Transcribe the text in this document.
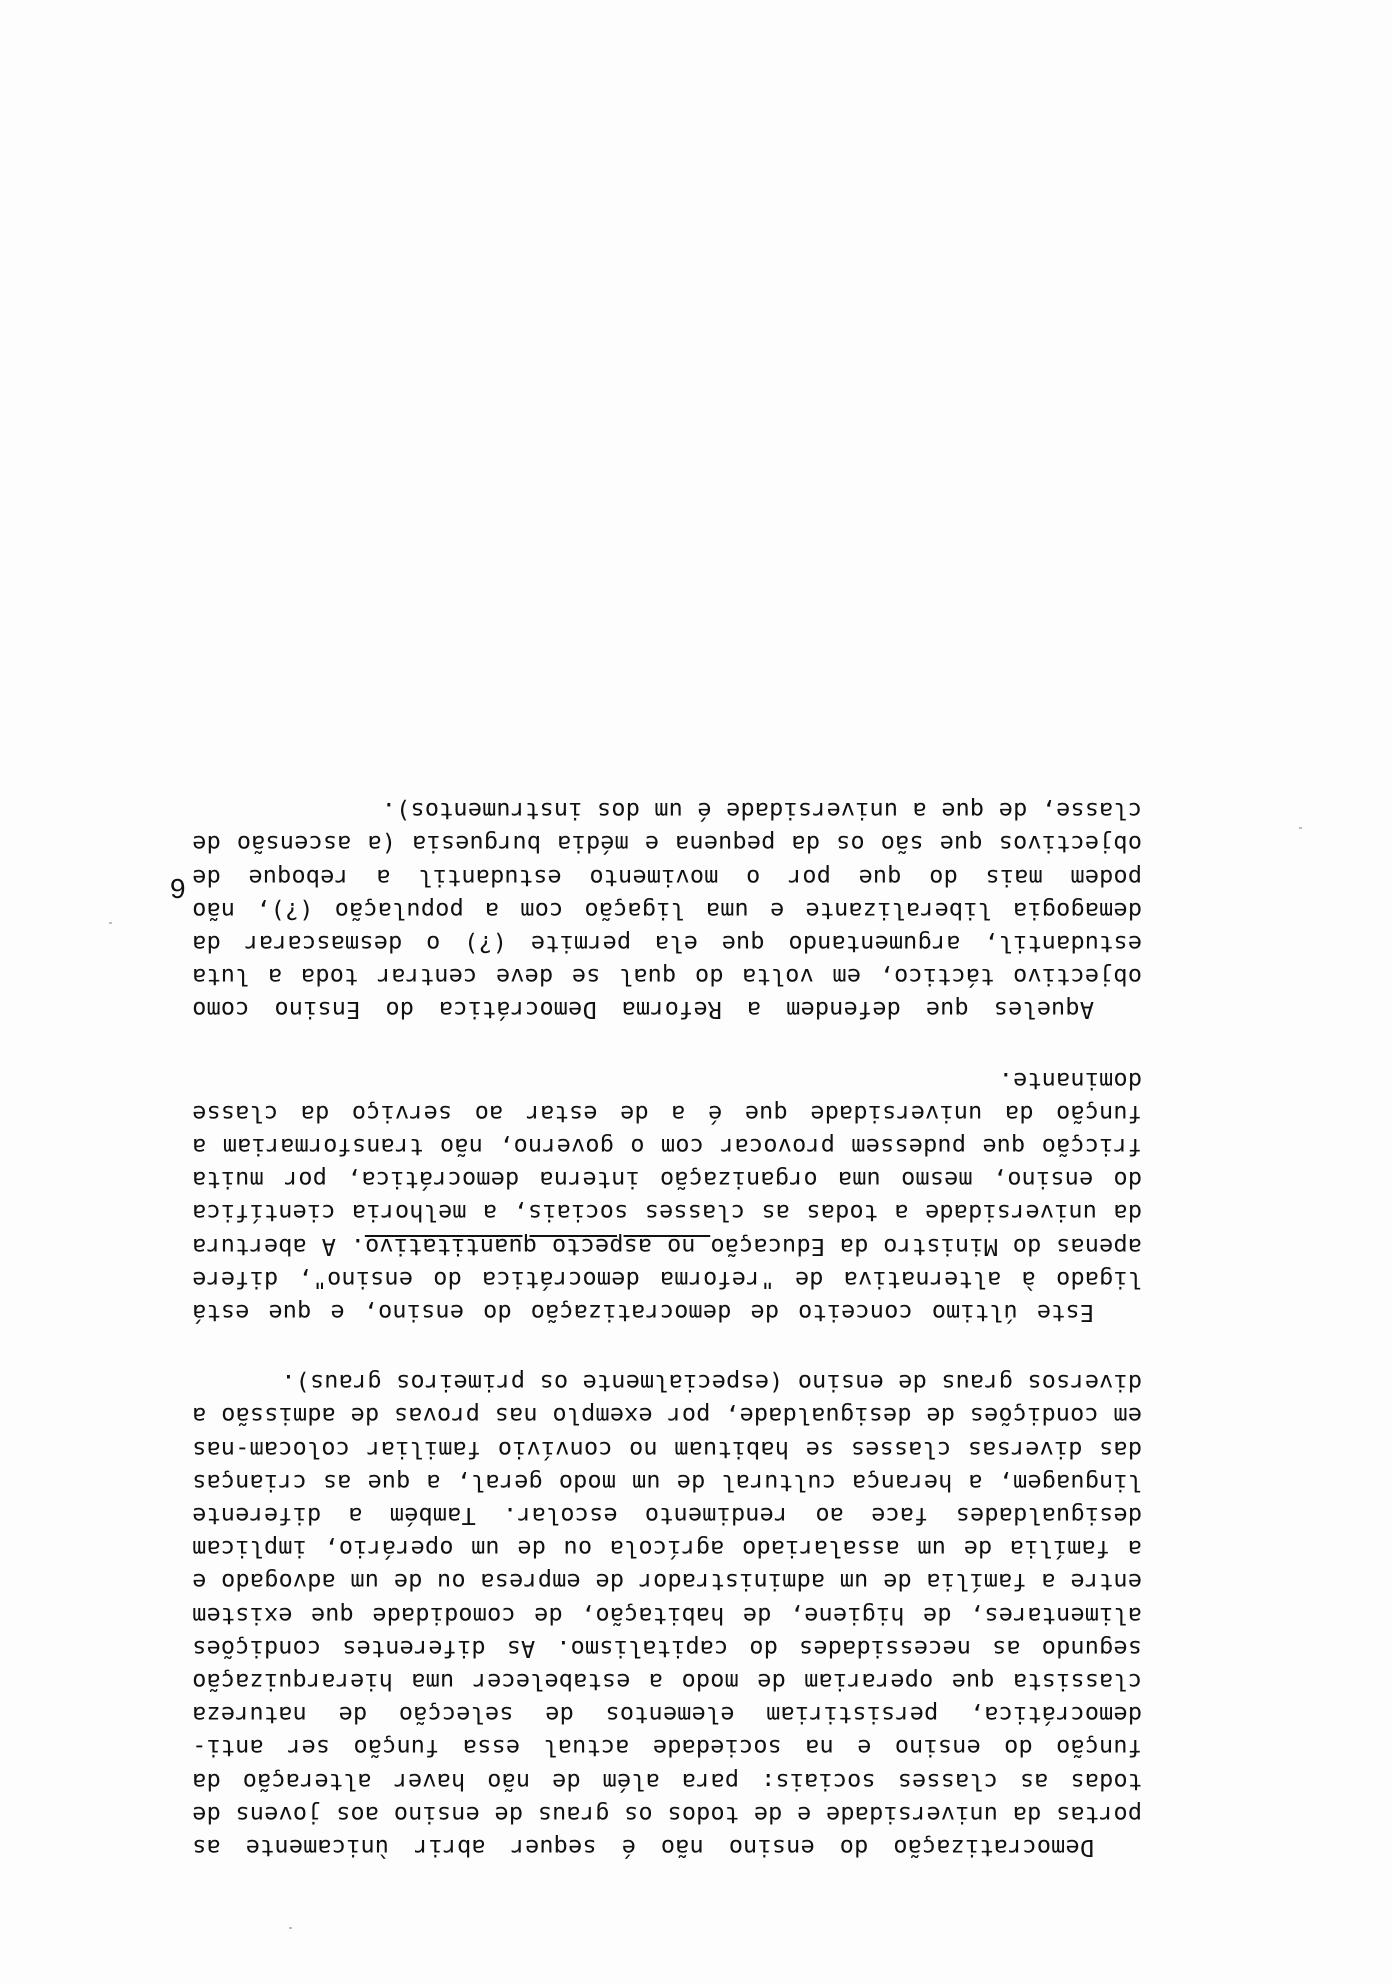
Democratização do ensino não é sequer abrir ùnicamente as portas da universidade e de todos os graus de ensino aos jovens de todas as classes sociais: para além de não haver alteração da função do ensino e na sociedade actual essa função ser anti-democrática, persistiriam elementos de selecção de natureza classista que operariam de modo a estabelecer uma hierarquização segundo as necessidades do capitalismo. As diferentes condições alimentares, de higiene, de habitação, de comodidade que existem entre a família de um administrador de empresa ou de um advogado e a família de um assalariado agrícola ou de um operário, implicam desigualdades face ao rendimento escolar. Também a diferente linguagem, a herança cultural de um modo geral, a que as crianças das diversas classes se habituam no convívio familiar colocam-nas em condições de desigualdade, por exemplo nas provas de admissão a diversos graus de ensino (especialmente os primeiros graus).

Este último conceito de democratização do ensino, e que está ligado à alternativa de "reforma democrática do ensino", difere apenas do Ministro da Educação no aspecto quantitativo. A abertura da universidade a todas as classes sociais, a melhoria científica do ensino, mesmo uma organização interna democrática, por muita fricção que pudessem provocar com o governo, não transformariam a função da universidade que é a de estar ao serviço da classe dominante.

Aqueles que defendem a Reforma Democrática do Ensino como objectivo táctico, em volta do qual se deve centrar toda a luta estudantil, argumentando que ela permite (?) o desmascarar da demagogia liberalizante e uma ligação com a população (?), não podem mais do que por o movimento estudantil a reboque de objectivos que são os da pequena e média burguesia (a ascensão de classe, de que a universidade é um dos instrumentos).

6
